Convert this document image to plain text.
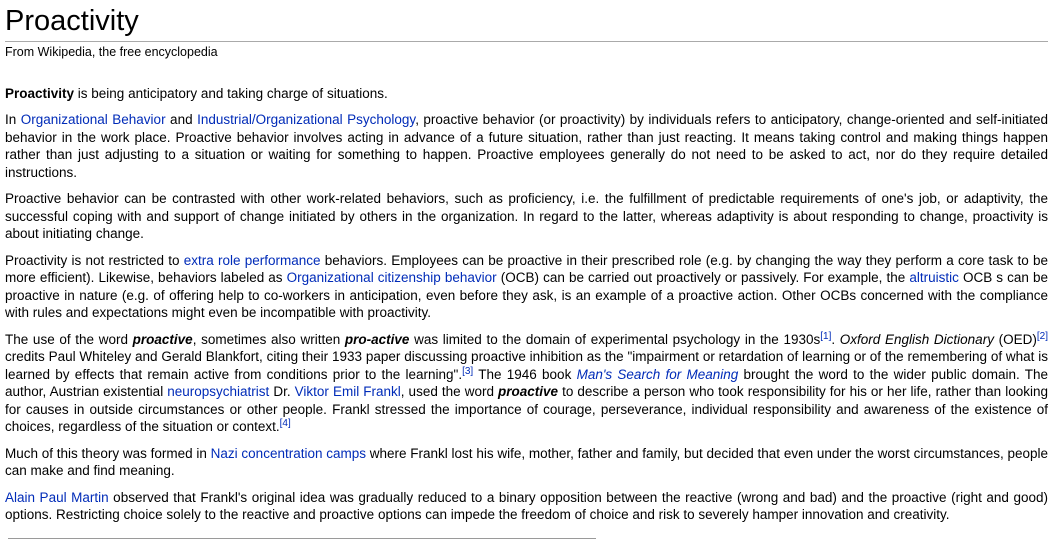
Proactivity
From Wikipedia, the free encyclopedia

Proactivity is being anticipatory and taking charge of situations.

In Organizational Behavior and Industrial/Organizational Psychology, proactive behavior (or proactivity) by individuals refers to anticipatory, change-oriented and self-initiated behavior in the work place. Proactive behavior involves acting in advance of a future situation, rather than just reacting. It means taking control and making things happen rather than just adjusting to a situation or waiting for something to happen. Proactive employees generally do not need to be asked to act, nor do they require detailed instructions.

Proactive behavior can be contrasted with other work-related behaviors, such as proficiency, i.e. the fulfillment of predictable requirements of one's job, or adaptivity, the successful coping with and support of change initiated by others in the organization. In regard to the latter, whereas adaptivity is about responding to change, proactivity is about initiating change.

Proactivity is not restricted to extra role performance behaviors. Employees can be proactive in their prescribed role (e.g. by changing the way they perform a core task to be more efficient). Likewise, behaviors labeled as Organizational citizenship behavior (OCB) can be carried out proactively or passively. For example, the altruistic OCB s can be proactive in nature (e.g. of offering help to co-workers in anticipation, even before they ask, is an example of a proactive action. Other OCBs concerned with the compliance with rules and expectations might even be incompatible with proactivity.

The use of the word proactive, sometimes also written pro-active was limited to the domain of experimental psychology in the 1930s[1]. Oxford English Dictionary (OED)[2] credits Paul Whiteley and Gerald Blankfort, citing their 1933 paper discussing proactive inhibition as the "impairment or retardation of learning or of the remembering of what is learned by effects that remain active from conditions prior to the learning".[3] The 1946 book Man's Search for Meaning brought the word to the wider public domain. The author, Austrian existential neuropsychiatrist Dr. Viktor Emil Frankl, used the word proactive to describe a person who took responsibility for his or her life, rather than looking for causes in outside circumstances or other people. Frankl stressed the importance of courage, perseverance, individual responsibility and awareness of the existence of choices, regardless of the situation or context.[4]

Much of this theory was formed in Nazi concentration camps where Frankl lost his wife, mother, father and family, but decided that even under the worst circumstances, people can make and find meaning.

Alain Paul Martin observed that Frankl's original idea was gradually reduced to a binary opposition between the reactive (wrong and bad) and the proactive (right and good) options. Restricting choice solely to the reactive and proactive options can impede the freedom of choice and risk to severely hamper innovation and creativity.
